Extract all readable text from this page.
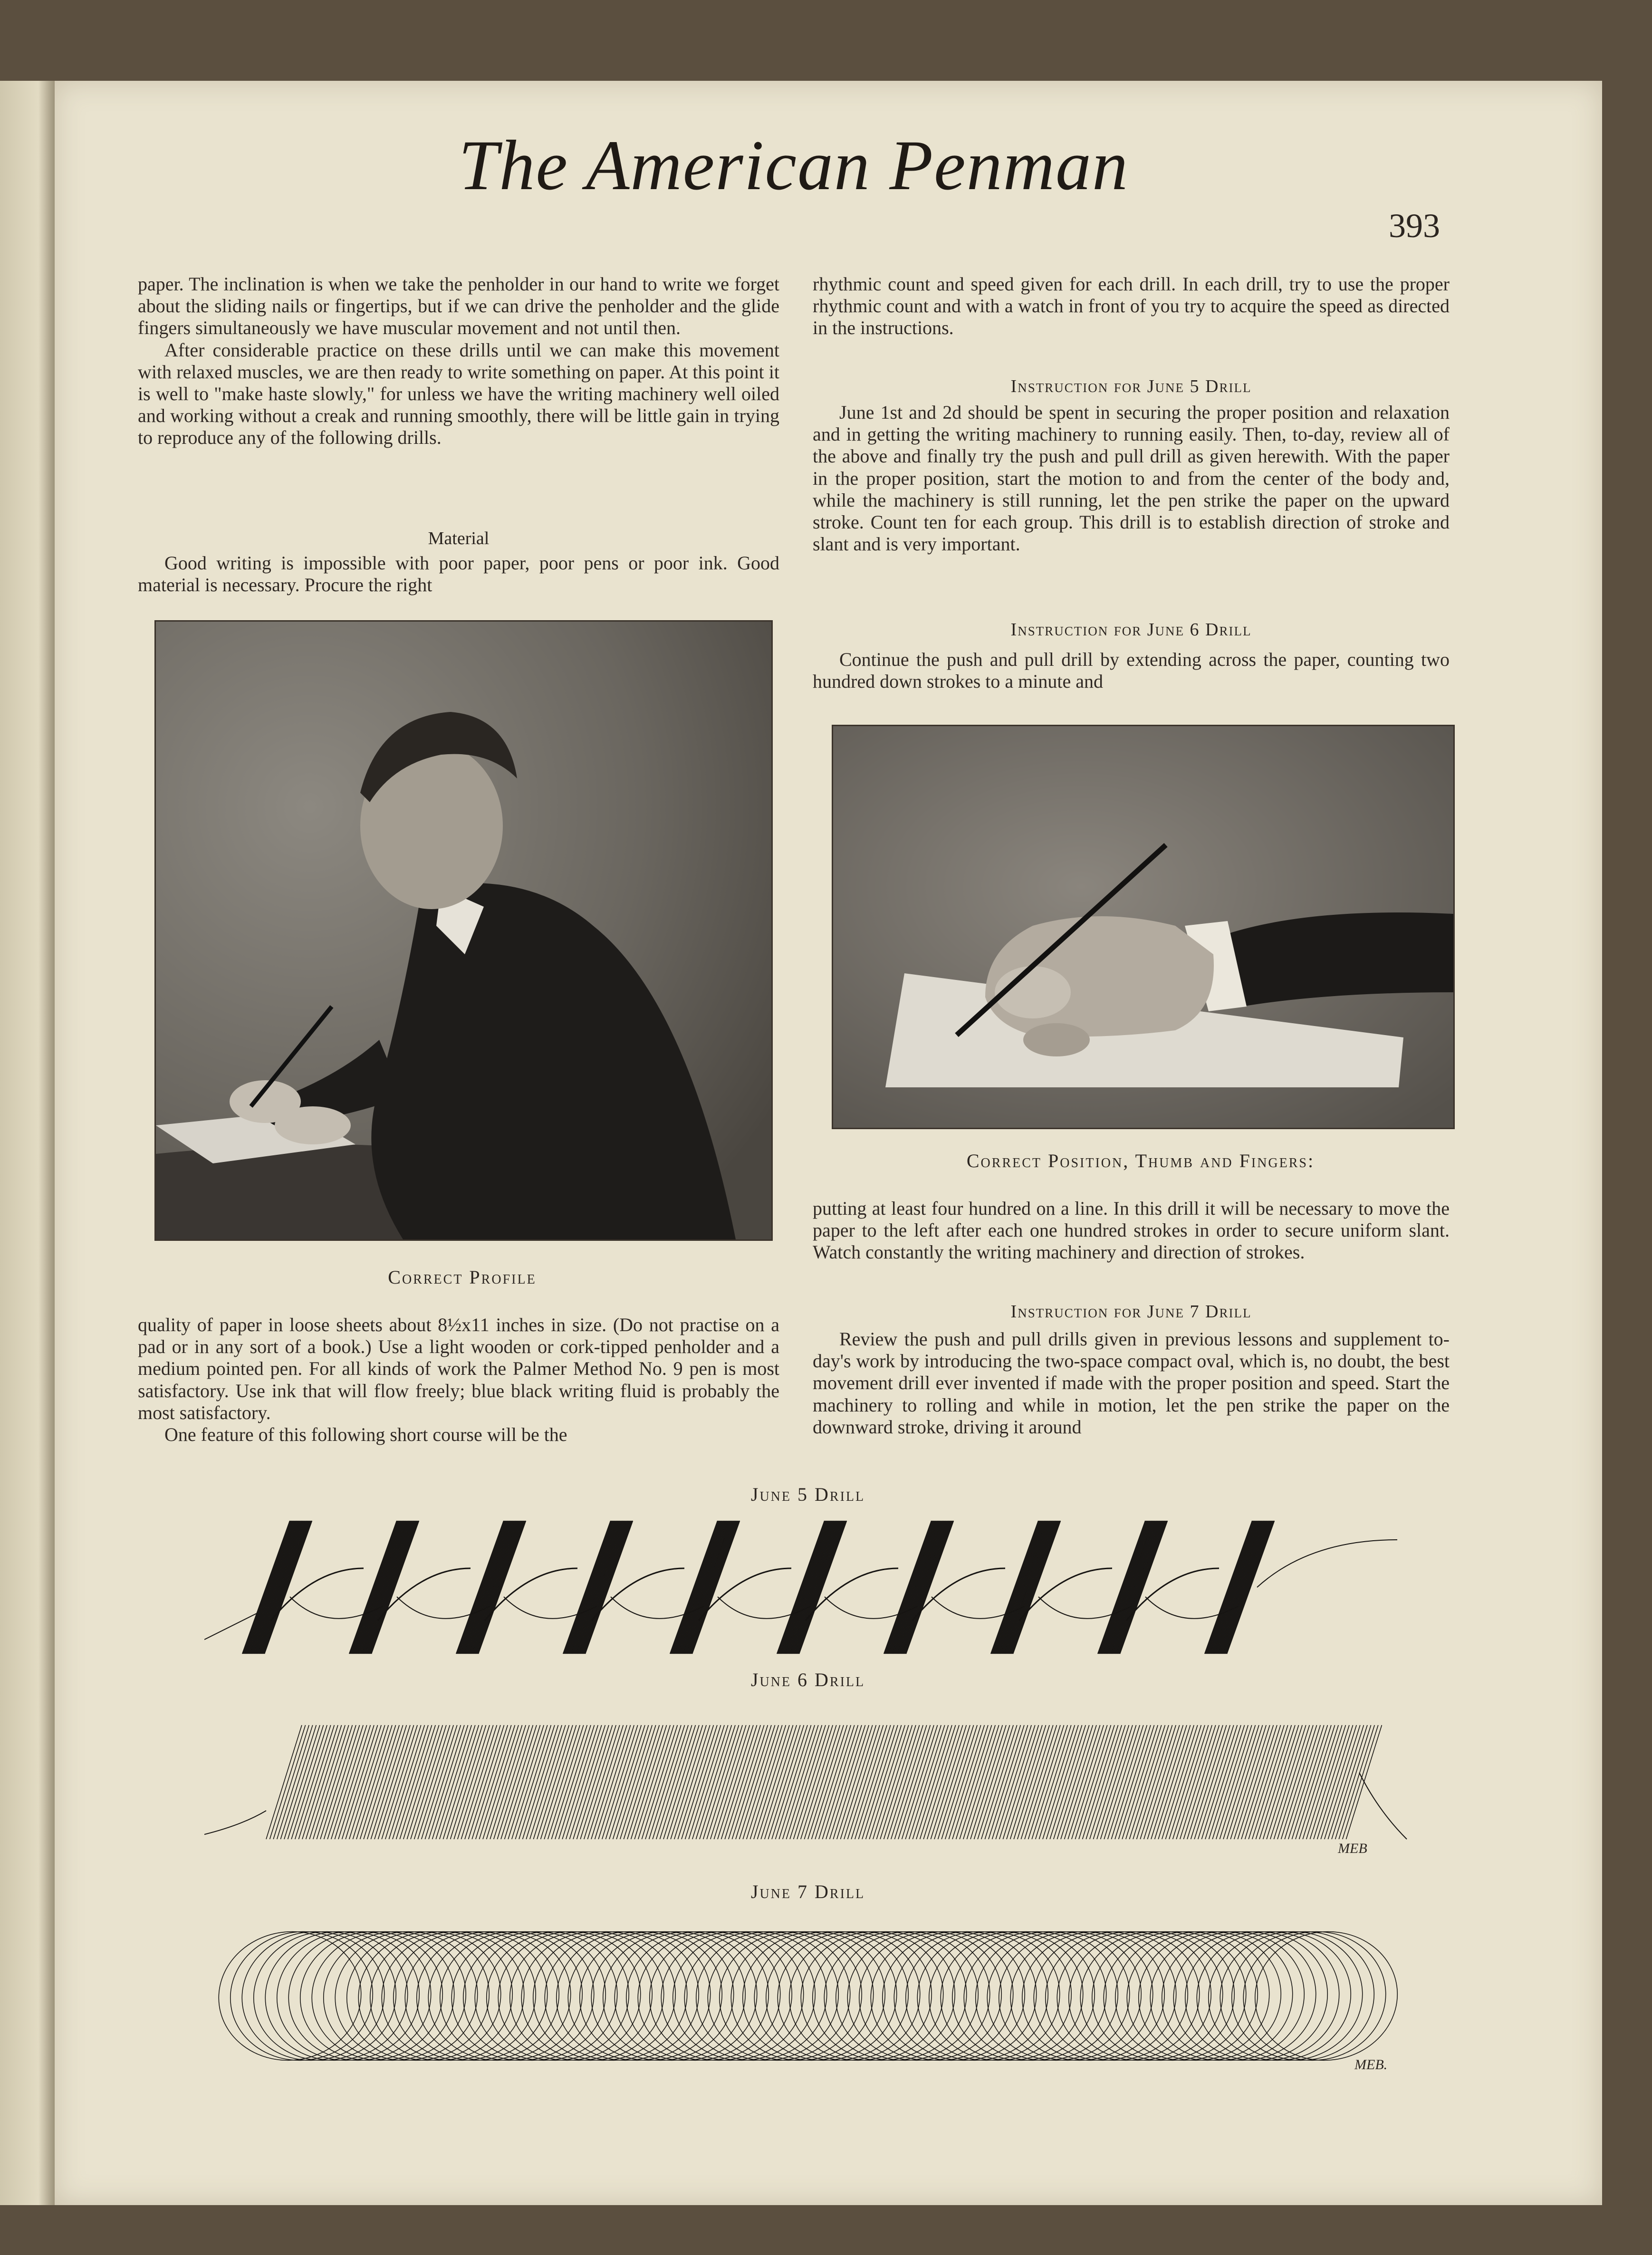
The American Penman
393

paper. The inclination is when we take the penholder in our hand to write we forget about the sliding nails or fingertips, but if we can drive the penholder and the glide fingers simultaneously we have muscular movement and not until then.

After considerable practice on these drills until we can make this movement with relaxed muscles, we are then ready to write something on paper. At this point it is well to "make haste slowly," for unless we have the writing machinery well oiled and working without a creak and running smoothly, there will be little gain in trying to reproduce any of the following drills.

Material

Good writing is impossible with poor paper, poor pens or poor ink. Good material is necessary. Procure the right

Correct Profile

quality of paper in loose sheets about 8½x11 inches in size. (Do not practise on a pad or in any sort of a book.) Use a light wooden or cork-tipped penholder and a medium pointed pen. For all kinds of work the Palmer Method No. 9 pen is most satisfactory. Use ink that will flow freely; blue black writing fluid is probably the most satisfactory.

One feature of this following short course will be the

rhythmic count and speed given for each drill. In each drill, try to use the proper rhythmic count and with a watch in front of you try to acquire the speed as directed in the instructions.

Instruction for June 5 Drill

June 1st and 2d should be spent in securing the proper position and relaxation and in getting the writing machinery to running easily. Then, to-day, review all of the above and finally try the push and pull drill as given herewith. With the paper in the proper position, start the motion to and from the center of the body and, while the machinery is still running, let the pen strike the paper on the upward stroke. Count ten for each group. This drill is to establish direction of stroke and slant and is very important.

Instruction for June 6 Drill

Continue the push and pull drill by extending across the paper, counting two hundred down strokes to a minute and

Correct Position, Thumb and Fingers:

putting at least four hundred on a line. In this drill it will be necessary to move the paper to the left after each one hundred strokes in order to secure uniform slant. Watch constantly the writing machinery and direction of strokes.

Instruction for June 7 Drill

Review the push and pull drills given in previous lessons and supplement to-day's work by introducing the two-space compact oval, which is, no doubt, the best movement drill ever invented if made with the proper position and speed. Start the machinery to rolling and while in motion, let the pen strike the paper on the downward stroke, driving it around

June 5 Drill
June 6 Drill
MEB
June 7 Drill
MEB.
